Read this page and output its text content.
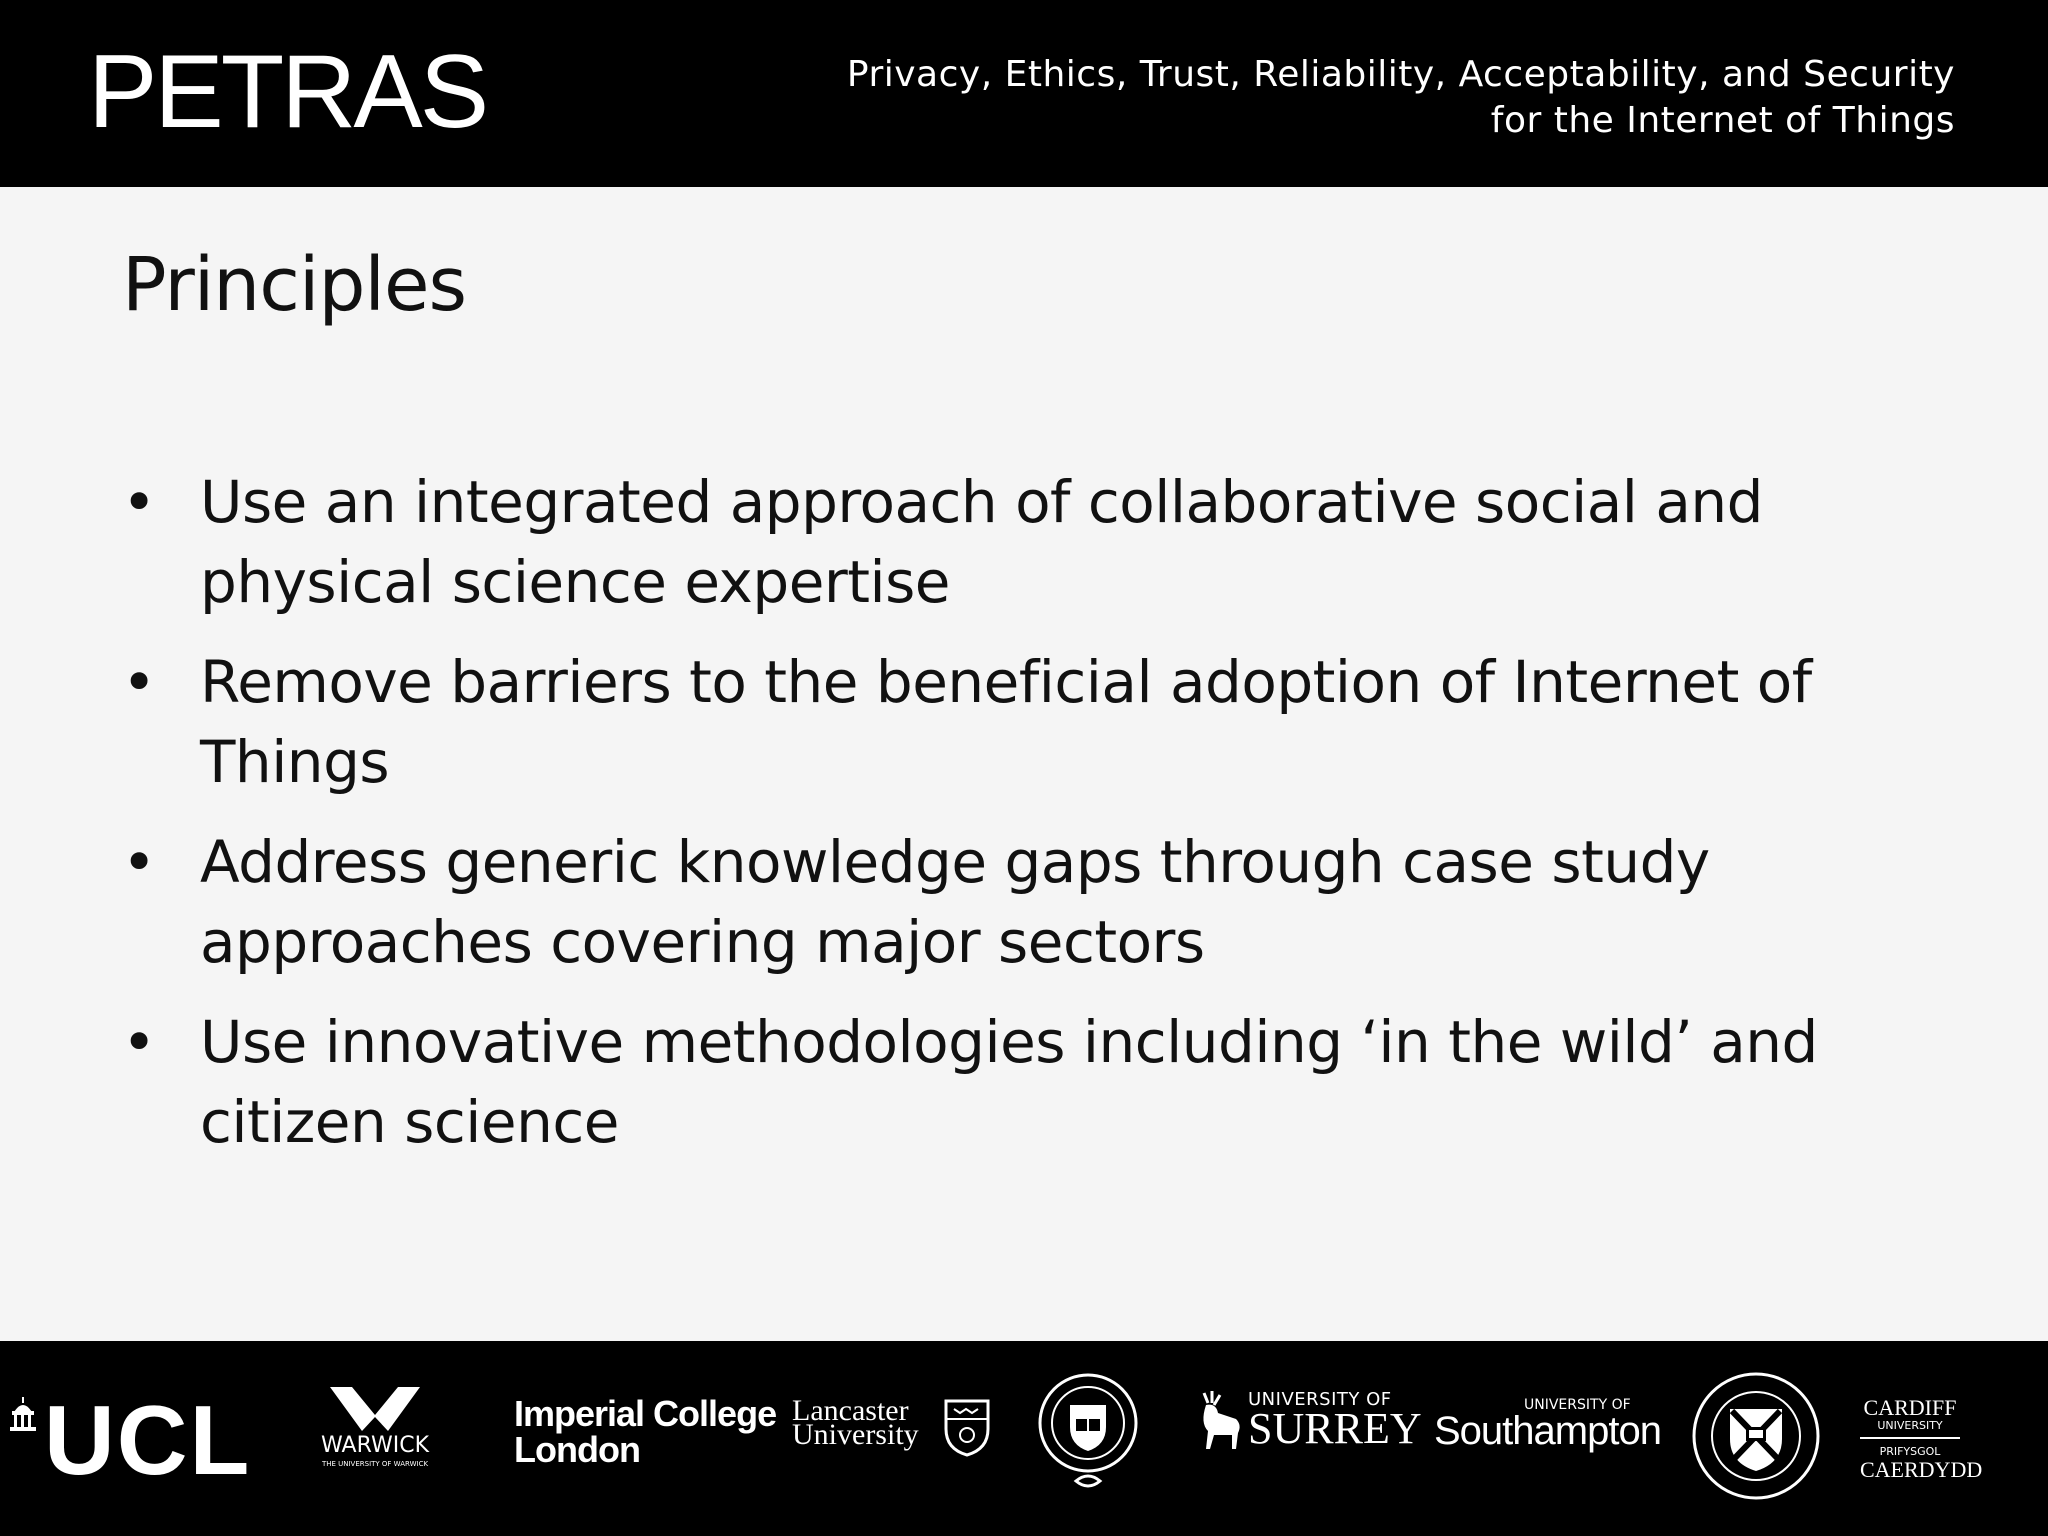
PETRAS	Privacy, Ethics, Trust, Reliability, Acceptability, and Security
for the Internet of Things
Principles
• Use an integrated approach of collaborative social and physical science expertise
• Remove barriers to the beneficial adoption of Internet of Things
• Address generic knowledge gaps through case study approaches covering major sectors
• Use innovative methodologies including ‘in the wild’ and citizen science
UCL	WARWICK
THE UNIVERSITY OF WARWICK
Imperial College
London
Lancaster
University
UNIVERSITY OF
SURREY	UNIVERSITY OF
Southampton
CARDIFF
UNIVERSITY
PRIFYSGOL
CAERDYDD
